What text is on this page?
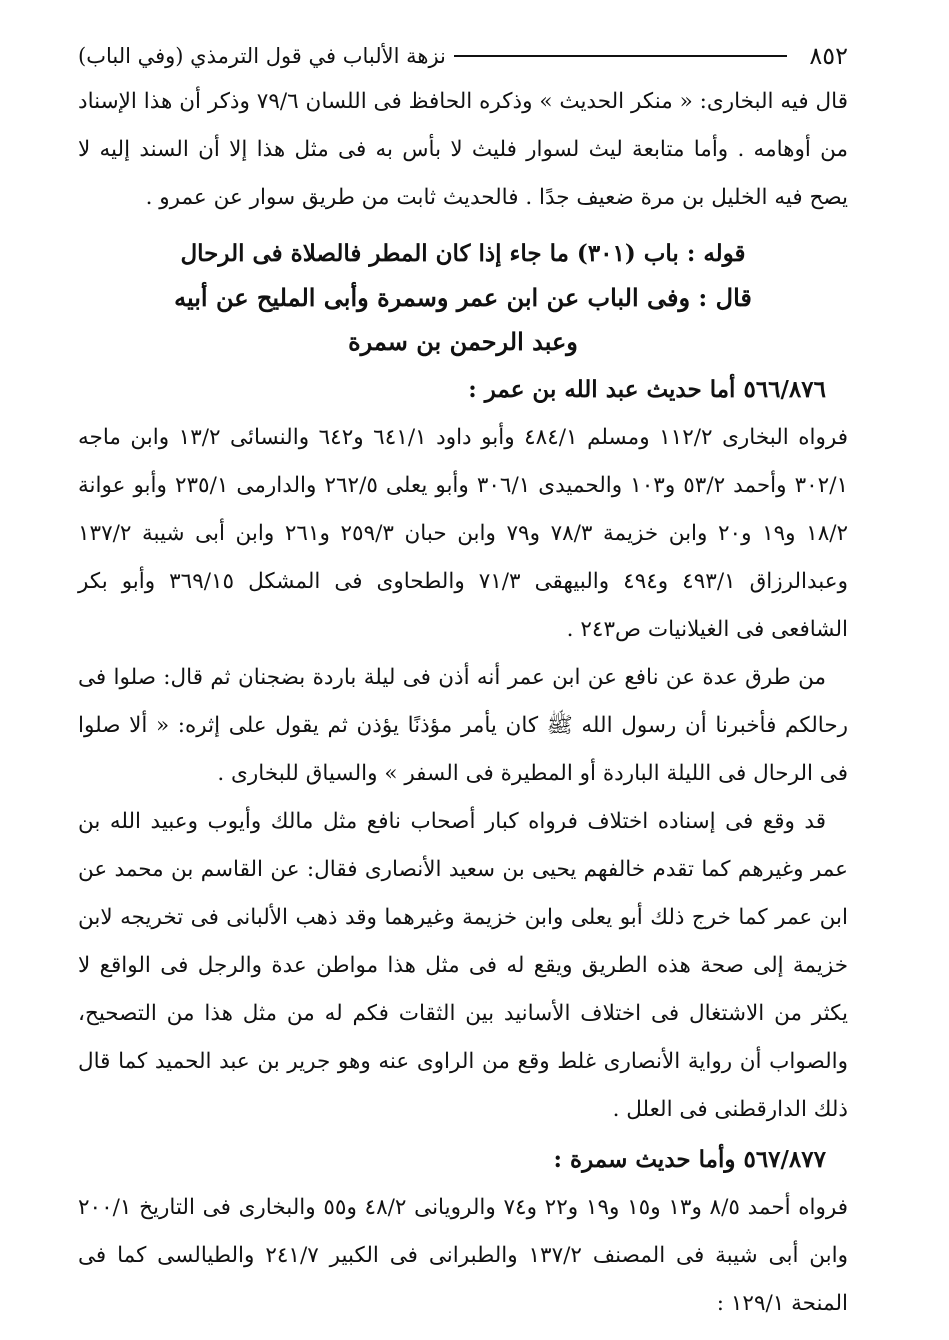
٨٥٢
نزهة الألباب في قول الترمذي (وفي الباب)

قال فيه البخارى: « منكر الحديث » وذكره الحافظ فى اللسان ٧٩/٦ وذكر أن هذا الإسناد من أوهامه . وأما متابعة ليث لسوار فليث لا بأس به فى مثل هذا إلا أن السند إليه لا يصح فيه الخليل بن مرة ضعيف جدًا . فالحديث ثابت من طريق سوار عن عمرو .

قوله : باب (٣٠١) ما جاء إذا كان المطر فالصلاة فى الرحال
قال : وفى الباب عن ابن عمر وسمرة وأبى المليح عن أبيه
وعبد الرحمن بن سمرة
٥٦٦/٨٧٦ أما حديث عبد الله بن عمر :

فرواه البخارى ١١٢/٢ ومسلم ٤٨٤/١ وأبو داود ٦٤١/١ و٦٤٢ والنسائى ١٣/٢ وابن ماجه ٣٠٢/١ وأحمد ٥٣/٢ و١٠٣ والحميدى ٣٠٦/١ وأبو يعلى ٢٦٢/٥ والدارمى ٢٣٥/١ وأبو عوانة ١٨/٢ و١٩ و٢٠ وابن خزيمة ٧٨/٣ و٧٩ وابن حبان ٢٥٩/٣ و٢٦١ وابن أبى شيبة ١٣٧/٢ وعبدالرزاق ٤٩٣/١ و٤٩٤ والبيهقى ٧١/٣ والطحاوى فى المشكل ٣٦٩/١٥ وأبو بكر الشافعى فى الغيلانيات ص٢٤٣ .

من طرق عدة عن نافع عن ابن عمر أنه أذن فى ليلة باردة بضجنان ثم قال: صلوا فى رحالكم فأخبرنا أن رسول الله ﷺ كان يأمر مؤذنًا يؤذن ثم يقول على إثره: « ألا صلوا فى الرحال فى الليلة الباردة أو المطيرة فى السفر » والسياق للبخارى .

قد وقع فى إسناده اختلاف فرواه كبار أصحاب نافع مثل مالك وأيوب وعبيد الله بن عمر وغيرهم كما تقدم خالفهم يحيى بن سعيد الأنصارى فقال: عن القاسم بن محمد عن ابن عمر كما خرج ذلك أبو يعلى وابن خزيمة وغيرهما وقد ذهب الألبانى فى تخريجه لابن خزيمة إلى صحة هذه الطريق ويقع له فى مثل هذا مواطن عدة والرجل فى الواقع لا يكثر من الاشتغال فى اختلاف الأسانيد بين الثقات فكم له من مثل هذا من التصحيح، والصواب أن رواية الأنصارى غلط وقع من الراوى عنه وهو جرير بن عبد الحميد كما قال ذلك الدارقطنى فى العلل .

٥٦٧/٨٧٧ وأما حديث سمرة :

فرواه أحمد ٨/٥ و١٣ و١٥ و١٩ و٢٢ و٧٤ والرويانى ٤٨/٢ و٥٥ والبخارى فى التاريخ ٢٠٠/١ وابن أبى شيبة فى المصنف ١٣٧/٢ والطبرانى فى الكبير ٢٤١/٧ والطيالسى كما فى المنحة ١٢٩/١ :
